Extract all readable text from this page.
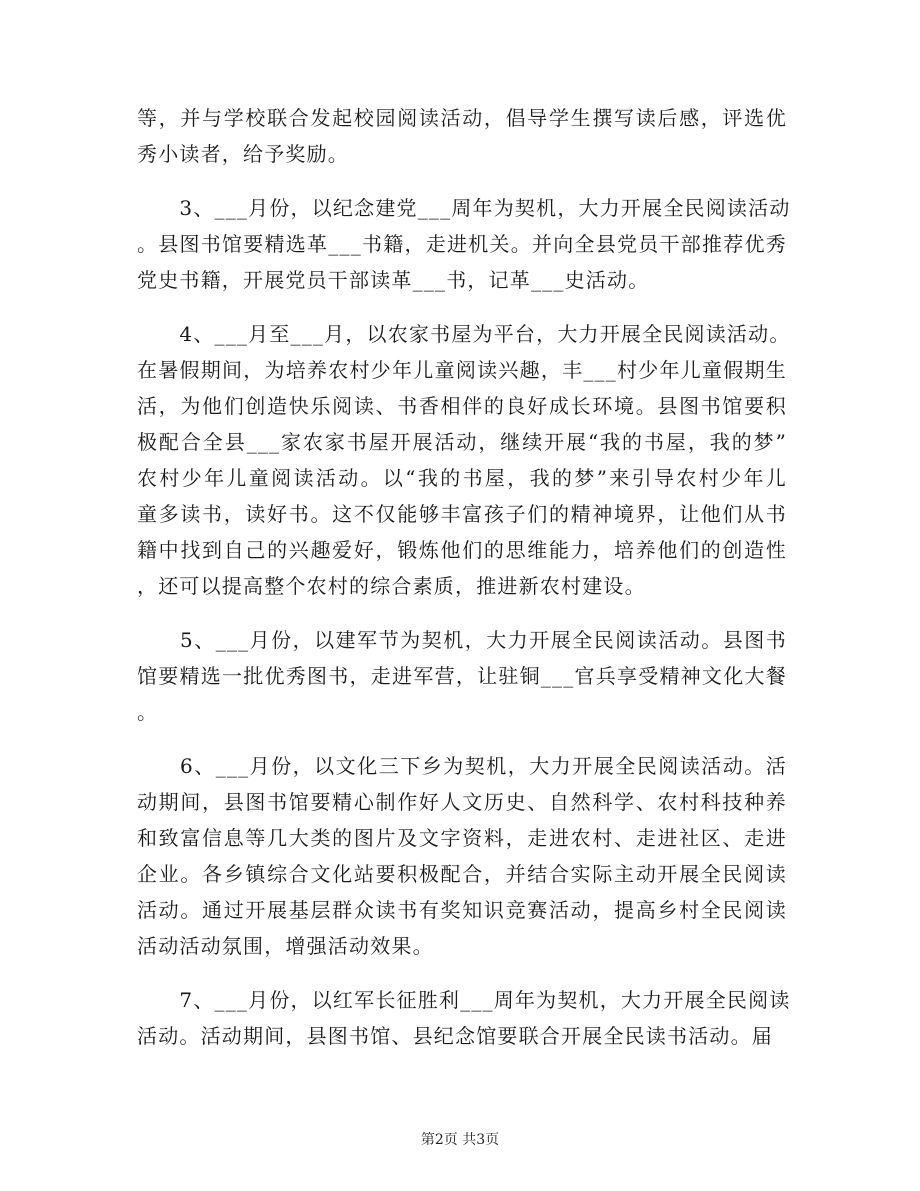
等，并与学校联合发起校园阅读活动，倡导学生撰写读后感，评选优
秀小读者，给予奖励。
　　3、___月份，以纪念建党___周年为契机，大力开展全民阅读活动
。县图书馆要精选革___书籍，走进机关。并向全县党员干部推荐优秀
党史书籍，开展党员干部读革___书，记革___史活动。
　　4、___月至___月，以农家书屋为平台，大力开展全民阅读活动。
在暑假期间，为培养农村少年儿童阅读兴趣，丰___村少年儿童假期生
活，为他们创造快乐阅读、书香相伴的良好成长环境。县图书馆要积
极配合全县___家农家书屋开展活动，继续开展“我的书屋，我的梦”
农村少年儿童阅读活动。以“我的书屋，我的梦”来引导农村少年儿
童多读书，读好书。这不仅能够丰富孩子们的精神境界，让他们从书
籍中找到自己的兴趣爱好，锻炼他们的思维能力，培养他们的创造性
，还可以提高整个农村的综合素质，推进新农村建设。
　　5、___月份，以建军节为契机，大力开展全民阅读活动。县图书
馆要精选一批优秀图书，走进军营，让驻铜___官兵享受精神文化大餐
。
　　6、___月份，以文化三下乡为契机，大力开展全民阅读活动。活
动期间，县图书馆要精心制作好人文历史、自然科学、农村科技种养
和致富信息等几大类的图片及文字资料，走进农村、走进社区、走进
企业。各乡镇综合文化站要积极配合，并结合实际主动开展全民阅读
活动。通过开展基层群众读书有奖知识竞赛活动，提高乡村全民阅读
活动活动氛围，增强活动效果。
　　7、___月份，以红军长征胜利___周年为契机，大力开展全民阅读
活动。活动期间，县图书馆、县纪念馆要联合开展全民读书活动。届
第2页 共3页
